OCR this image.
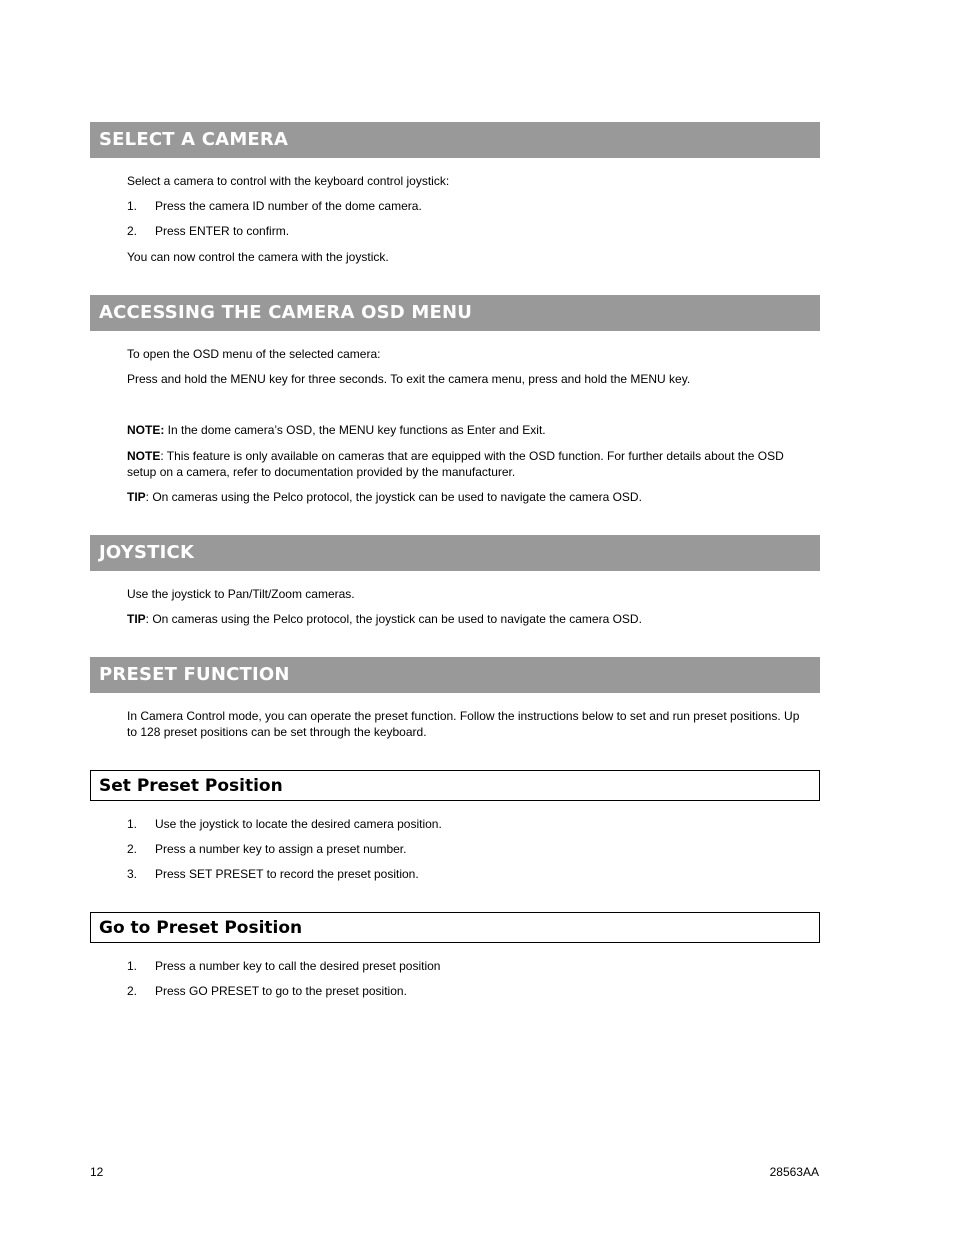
SELECT A CAMERA
Select a camera to control with the keyboard control joystick:
1. Press the camera ID number of the dome camera.
2. Press ENTER to confirm.
You can now control the camera with the joystick.
ACCESSING THE CAMERA OSD MENU
To open the OSD menu of the selected camera:
Press and hold the MENU key for three seconds. To exit the camera menu, press and hold the MENU key.
NOTE: In the dome camera’s OSD, the MENU key functions as Enter and Exit.
NOTE: This feature is only available on cameras that are equipped with the OSD function. For further details about the OSD setup on a camera, refer to documentation provided by the manufacturer.
TIP: On cameras using the Pelco protocol, the joystick can be used to navigate the camera OSD.
JOYSTICK
Use the joystick to Pan/Tilt/Zoom cameras.
TIP: On cameras using the Pelco protocol, the joystick can be used to navigate the camera OSD.
PRESET FUNCTION
In Camera Control mode, you can operate the preset function. Follow the instructions below to set and run preset positions. Up to 128 preset positions can be set through the keyboard.
Set Preset Position
1. Use the joystick to locate the desired camera position.
2. Press a number key to assign a preset number.
3. Press SET PRESET to record the preset position.
Go to Preset Position
1. Press a number key to call the desired preset position
2. Press GO PRESET to go to the preset position.
12	28563AA
